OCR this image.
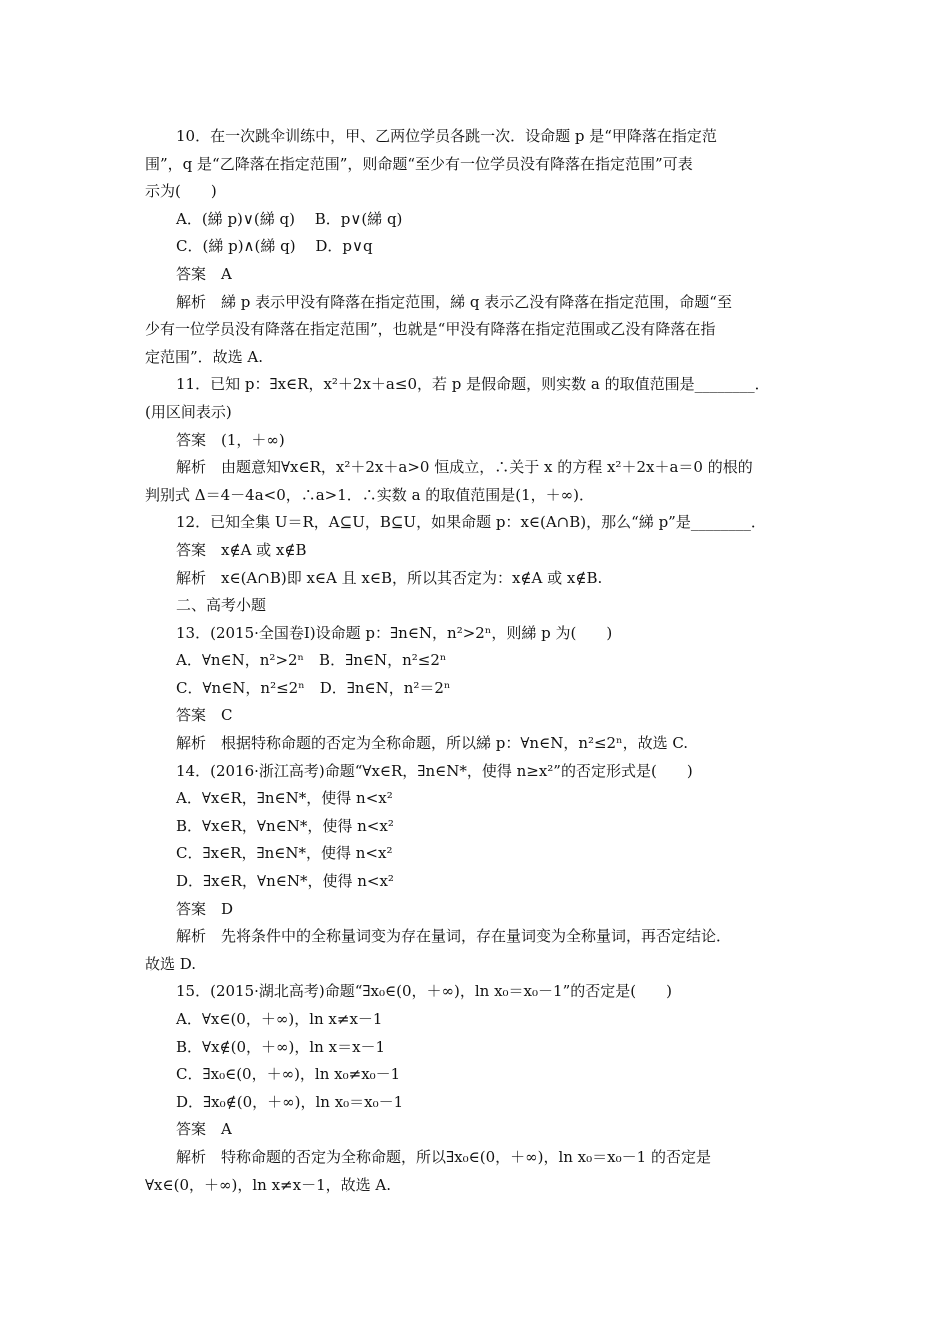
10．在一次跳伞训练中，甲、乙两位学员各跳一次．设命题 p 是“甲降落在指定范
围”，q 是“乙降落在指定范围”，则命题“至少有一位学员没有降落在指定范围”可表
示为(　　)
A．(綈 p)∨(綈 q)　 B．p∨(綈 q)
C．(綈 p)∧(綈 q)　 D．p∨q
答案　A
解析　綈 p 表示甲没有降落在指定范围，綈 q 表示乙没有降落在指定范围，命题“至
少有一位学员没有降落在指定范围”，也就是“甲没有降落在指定范围或乙没有降落在指
定范围”．故选 A.
11．已知 p：∃x∈R，x²＋2x＋a≤0，若 p 是假命题，则实数 a 的取值范围是________．
(用区间表示)
答案　(1，＋∞)
解析　由题意知∀x∈R，x²＋2x＋a>0 恒成立，∴关于 x 的方程 x²＋2x＋a＝0 的根的
判别式 Δ＝4－4a<0，∴a>1．∴实数 a 的取值范围是(1，＋∞)．
12．已知全集 U＝R，A⊆U，B⊆U，如果命题 p：x∈(A∩B)，那么“綈 p”是________．
答案　x∉A 或 x∉B
解析　x∈(A∩B)即 x∈A 且 x∈B，所以其否定为：x∉A 或 x∉B.
二、高考小题
13．(2015·全国卷Ⅰ)设命题 p：∃n∈N，n²>2ⁿ，则綈 p 为(　　)
A．∀n∈N，n²>2ⁿ　B．∃n∈N，n²≤2ⁿ
C．∀n∈N，n²≤2ⁿ　D．∃n∈N，n²＝2ⁿ
答案　C
解析　根据特称命题的否定为全称命题，所以綈 p：∀n∈N，n²≤2ⁿ，故选 C.
14．(2016·浙江高考)命题“∀x∈R，∃n∈N*，使得 n≥x²”的否定形式是(　　)
A．∀x∈R，∃n∈N*，使得 n<x²
B．∀x∈R，∀n∈N*，使得 n<x²
C．∃x∈R，∃n∈N*，使得 n<x²
D．∃x∈R，∀n∈N*，使得 n<x²
答案　D
解析　先将条件中的全称量词变为存在量词，存在量词变为全称量词，再否定结论．
故选 D.
15．(2015·湖北高考)命题“∃x₀∈(0，＋∞)，ln x₀＝x₀－1”的否定是(　　)
A．∀x∈(0，＋∞)，ln x≠x－1
B．∀x∉(0，＋∞)，ln x＝x－1
C．∃x₀∈(0，＋∞)，ln x₀≠x₀－1
D．∃x₀∉(0，＋∞)，ln x₀＝x₀－1
答案　A
解析　特称命题的否定为全称命题，所以∃x₀∈(0，＋∞)，ln x₀＝x₀－1 的否定是
∀x∈(0，＋∞)，ln x≠x－1，故选 A.
